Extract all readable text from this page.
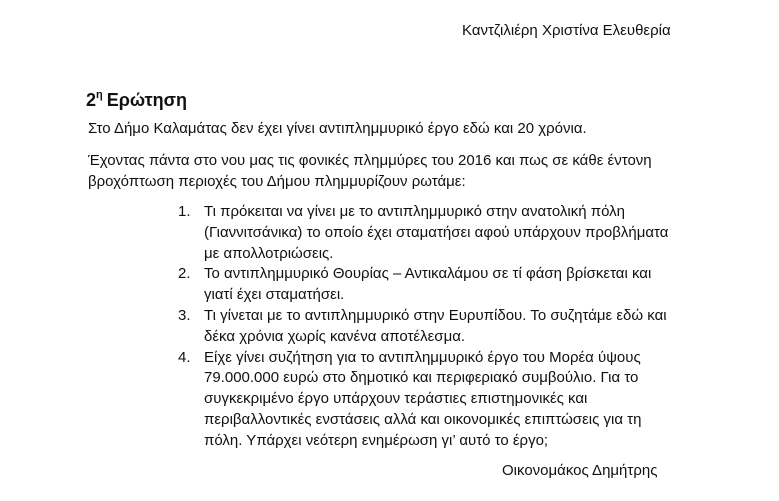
Καντζιλιέρη Χριστίνα Ελευθερία
$2^\eta$ Ερώτηση
Στο Δήμο Καλαμάτας δεν έχει γίνει αντιπλημμυρικό έργο εδώ και 20 χρόνια.
Έχοντας πάντα στο νου μας τις φονικές πλημμύρες του 2016 και πως σε κάθε έντονη
βροχόπτωση περιοχές του Δήμου πλημμυρίζουν ρωτάμε:
1. Τι πρόκειται να γίνει με το αντιπλημμυρικό στην ανατολική πόλη
(Γιαννιτσάνικα) το οποίο έχει σταματήσει αφού υπάρχουν προβλήματα
με απολλοτριώσεις.
2. Το αντιπλημμυρικό Θουρίας – Αντικαλάμου σε τί φάση βρίσκεται και
γιατί έχει σταματήσει.
3. Τι γίνεται με το αντιπλημμυρικό στην Ευρυπίδου. Το συζητάμε εδώ και
δέκα χρόνια χωρίς κανένα αποτέλεσμα.
4. Είχε γίνει συζήτηση για το αντιπλημμυρικό έργο του Μορέα ύψους
79.000.000 ευρώ στο δημοτικό και περιφεριακό συμβούλιο. Για το
συγκεκριμένο έργο υπάρχουν τεράστιες επιστημονικές και
περιβαλλοντικές ενστάσεις αλλά και οικονομικές επιπτώσεις για τη
πόλη. Υπάρχει νεότερη ενημέρωση γι’ αυτό το έργο;
Οικονομάκος Δημήτρης
